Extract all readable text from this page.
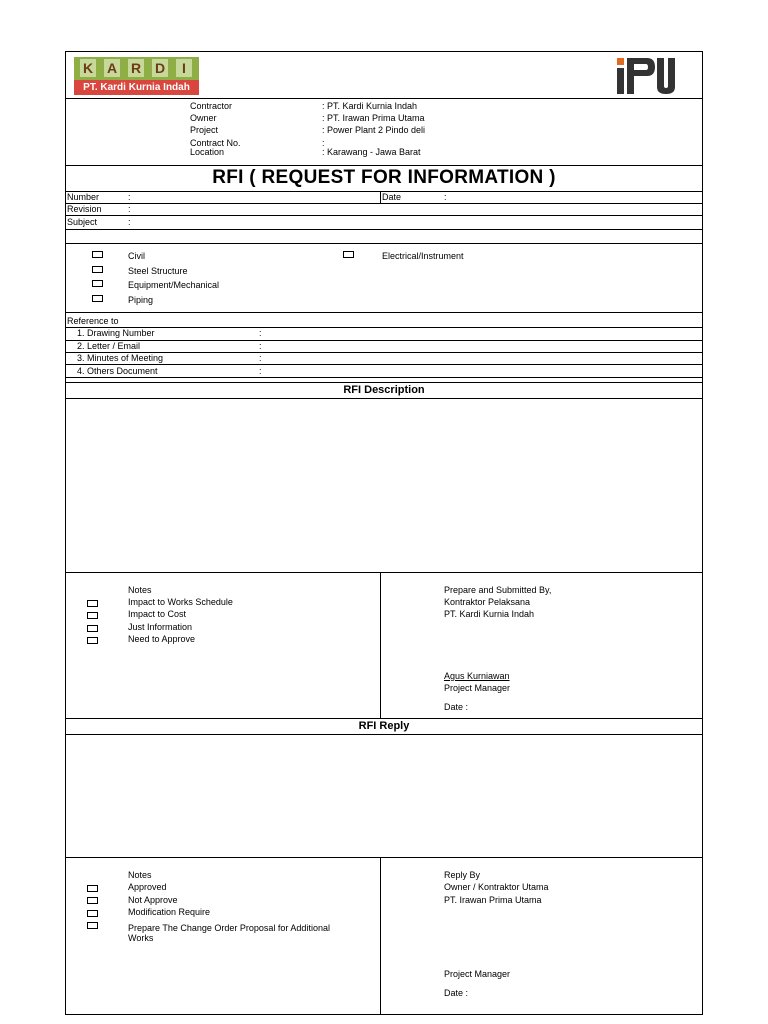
K A R D	I
PT. Kardi Kurnia Indah
Contractor	: PT. Kardi Kurnia Indah
Owner	: PT. Irawan Prima Utama
Project	: Power Plant 2 Pindo deli
Contract No.	:
Location	: Karawang - Jawa Barat
RFI ( REQUEST FOR INFORMATION )
Number	:	Date	:
Revision	:
Subject	:
Civil
Steel Structure
Equipment/Mechanical
Piping
Electrical/Instrument
Reference to
1. Drawing Number	:
2. Letter / Email	:
3. Minutes of Meeting	:
4. Others Document	:
RFI Description
Notes
Impact to Works Schedule
Impact to Cost
Just Information
Need to Approve
Prepare and Submitted By,
Kontraktor Pelaksana
PT. Kardi Kurnia Indah
Agus Kurniawan
Project Manager
Date :
RFI Reply
Notes
Approved
Not Approve
Modification Require
Prepare The Change Order Proposal for Additional
Works
Reply By
Owner / Kontraktor Utama
PT. Irawan Prima Utama
Project Manager
Date :
